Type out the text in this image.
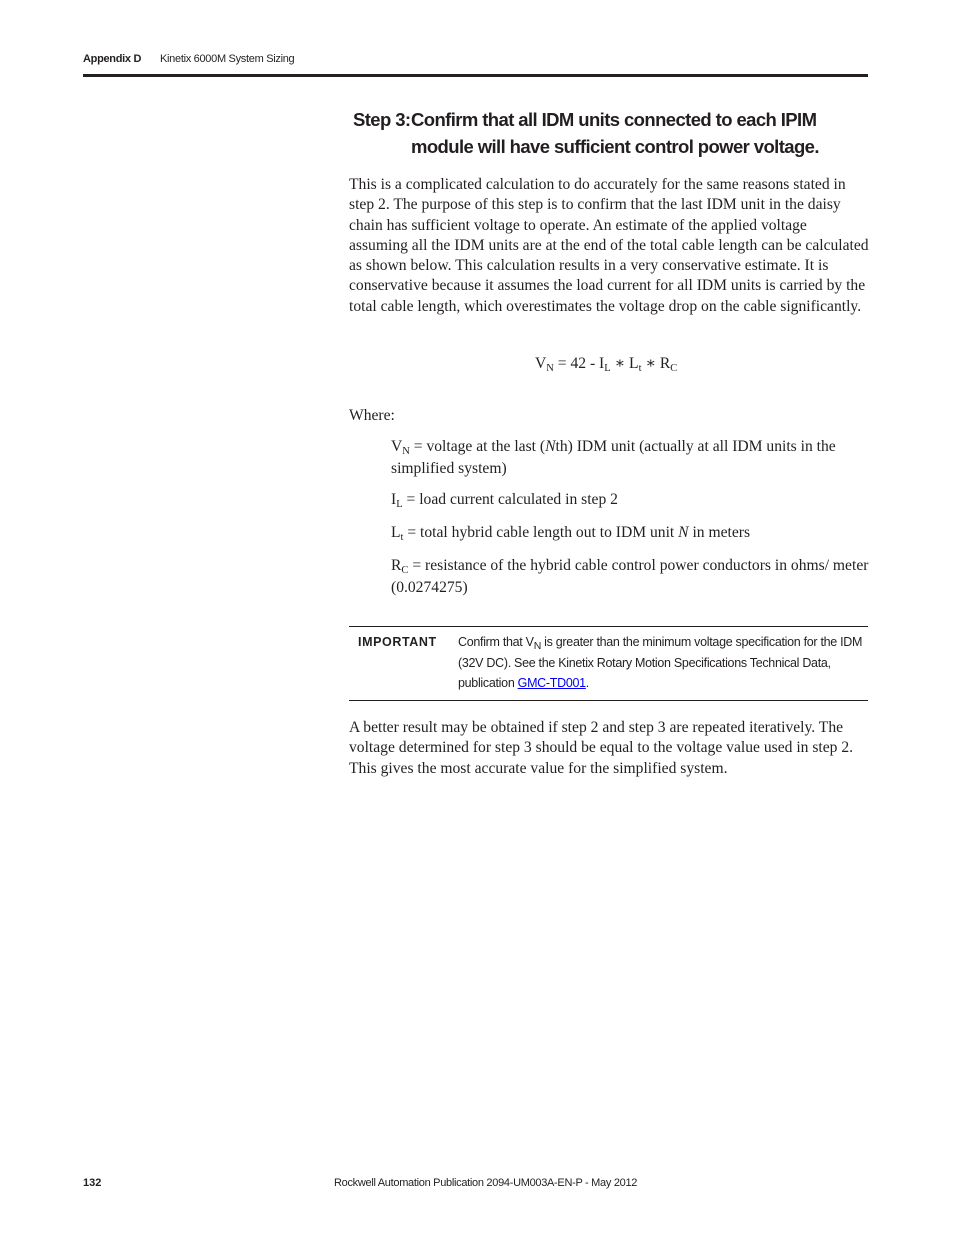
Appendix D Kinetix 6000M System Sizing
Step 3: Confirm that all IDM units connected to each IPIM module will have sufficient control power voltage.
This is a complicated calculation to do accurately for the same reasons stated in step 2. The purpose of this step is to confirm that the last IDM unit in the daisy chain has sufficient voltage to operate. An estimate of the applied voltage assuming all the IDM units are at the end of the total cable length can be calculated as shown below. This calculation results in a very conservative estimate. It is conservative because it assumes the load current for all IDM units is carried by the total cable length, which overestimates the voltage drop on the cable significantly.
$V_N = 42 - I_L$ ∗ $L_t$ ∗ $R_C$
Where:
$V_N$ = voltage at the last (Nth) IDM unit (actually at all IDM units in the simplified system)
$I_L$ = load current calculated in step 2
$L_t$ = total hybrid cable length out to IDM unit N in meters
$R_C$ = resistance of the hybrid cable control power conductors in ohms/ meter (0.0274275)
IMPORTANT Confirm that $V_N$ is greater than the minimum voltage specification for the IDM (32V DC). See the Kinetix Rotary Motion Specifications Technical Data, publication GMC-TD001.
A better result may be obtained if step 2 and step 3 are repeated iteratively. The voltage determined for step 3 should be equal to the voltage value used in step 2. This gives the most accurate value for the simplified system.
132	Rockwell Automation Publication 2094-UM003A-EN-P - May 2012
